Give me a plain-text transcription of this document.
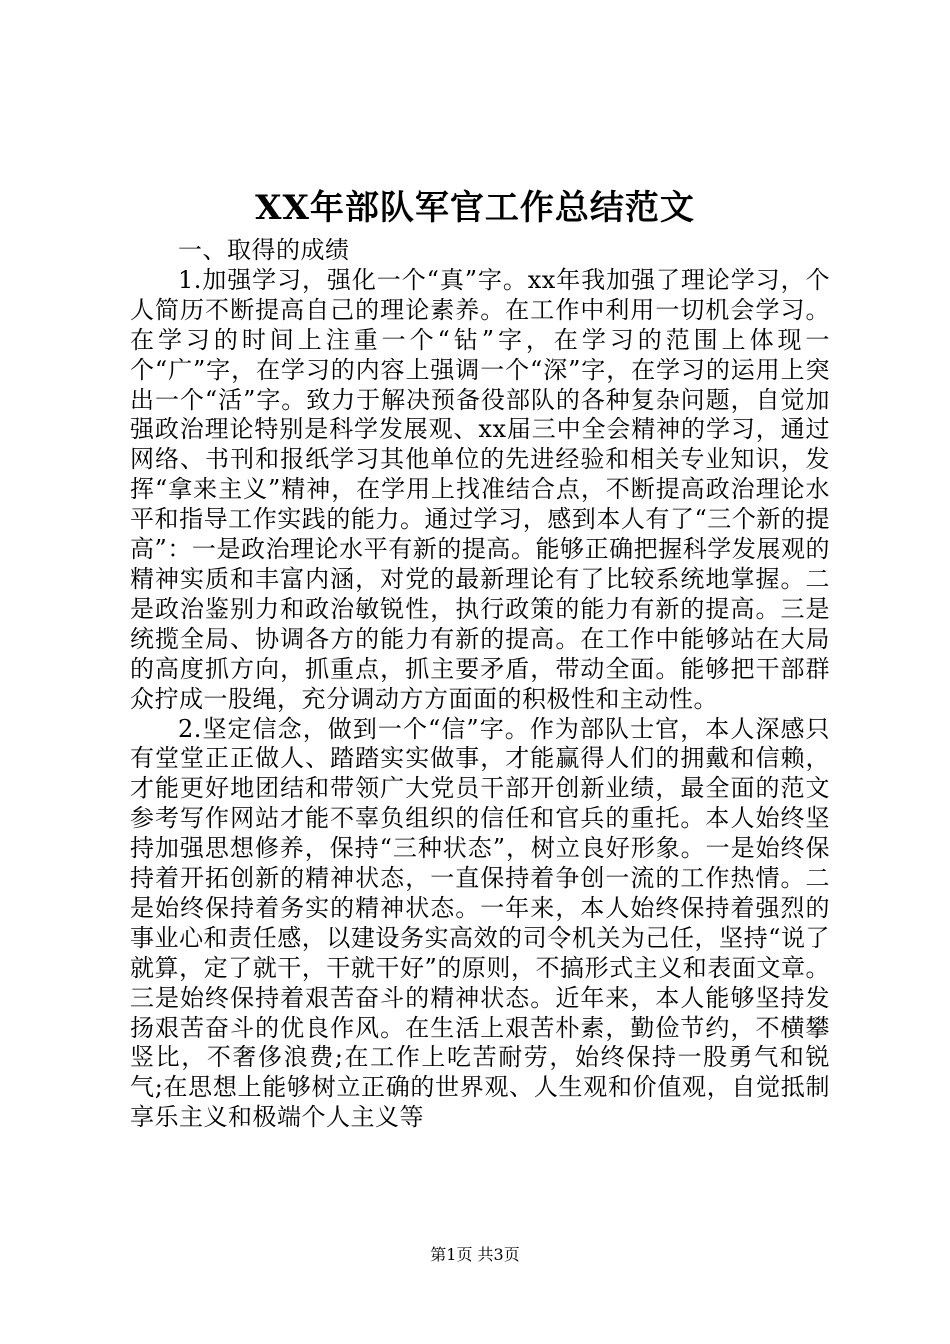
XX年部队军官工作总结范文

一、取得的成绩

1.加强学习，强化一个“真”字。xx年我加强了理论学习，个人简历不断提高自己的理论素养。在工作中利用一切机会学习。在学习的时间上注重一个“钻”字，在学习的范围上体现一个“广”字，在学习的内容上强调一个“深”字，在学习的运用上突出一个“活”字。致力于解决预备役部队的各种复杂问题，自觉加强政治理论特别是科学发展观、xx届三中全会精神的学习，通过网络、书刊和报纸学习其他单位的先进经验和相关专业知识，发挥“拿来主义”精神，在学用上找准结合点，不断提高政治理论水平和指导工作实践的能力。通过学习，感到本人有了“三个新的提高”：一是政治理论水平有新的提高。能够正确把握科学发展观的精神实质和丰富内涵，对党的最新理论有了比较系统地掌握。二是政治鉴别力和政治敏锐性，执行政策的能力有新的提高。三是统揽全局、协调各方的能力有新的提高。在工作中能够站在大局的高度抓方向，抓重点，抓主要矛盾，带动全面。能够把干部群众拧成一股绳，充分调动方方面面的积极性和主动性。

2.坚定信念，做到一个“信”字。作为部队士官，本人深感只有堂堂正正做人、踏踏实实做事，才能赢得人们的拥戴和信赖，才能更好地团结和带领广大党员干部开创新业绩，最全面的范文参考写作网站才能不辜负组织的信任和官兵的重托。本人始终坚持加强思想修养，保持“三种状态”，树立良好形象。一是始终保持着开拓创新的精神状态，一直保持着争创一流的工作热情。二是始终保持着务实的精神状态。一年来，本人始终保持着强烈的事业心和责任感，以建设务实高效的司令机关为己任，坚持“说了就算，定了就干，干就干好”的原则，不搞形式主义和表面文章。三是始终保持着艰苦奋斗的精神状态。近年来，本人能够坚持发扬艰苦奋斗的优良作风。在生活上艰苦朴素，勤俭节约，不横攀竖比，不奢侈浪费;在工作上吃苦耐劳，始终保持一股勇气和锐气;在思想上能够树立正确的世界观、人生观和价值观，自觉抵制享乐主义和极端个人主义等

第1页 共3页
